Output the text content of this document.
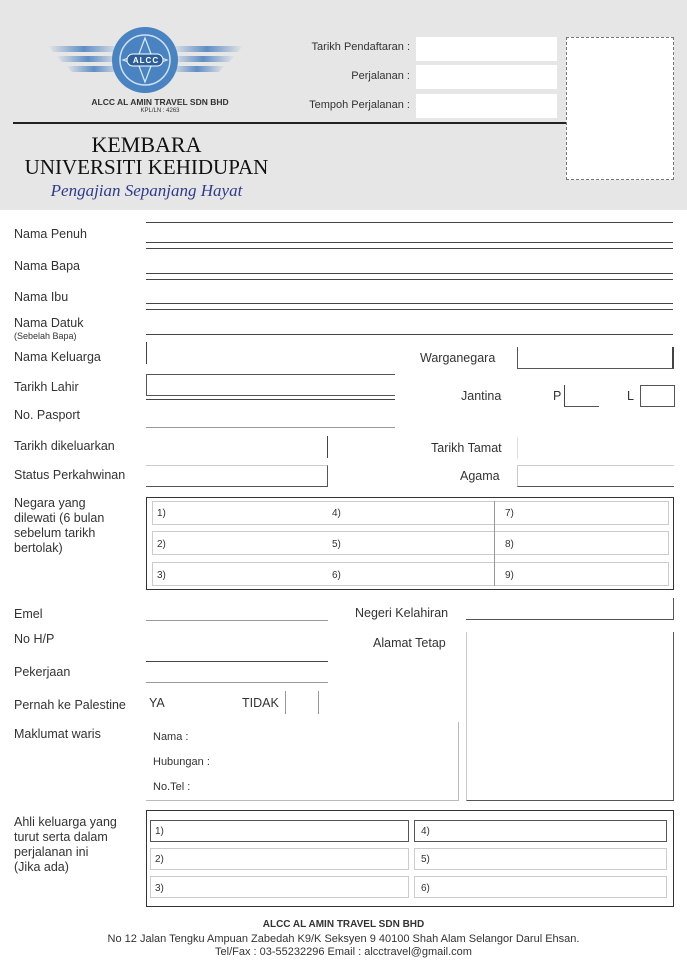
ALCC
ALCC AL AMIN TRAVEL SDN BHD
KPL/LN : 4263
Tarikh Pendaftaran :
Perjalanan :
Tempoh Perjalanan :
KEMBARA
UNIVERSITI KEHIDUPAN
Pengajian Sepanjang Hayat
Nama Penuh
Nama Bapa
Nama Ibu
Nama Datuk
(Sebelah Bapa)
Nama Keluarga	Warganegara
Tarikh Lahir
Jantina	P	L
No. Pasport
Tarikh dikeluarkan	Tarikh Tamat
Status Perkahwinan	Agama
Negara yang
dilewati (6 bulan
sebelum tarikh
bertolak)
1)	4)	7)
2)	5)	8)
3)	6)	9)
Emel	Negeri Kelahiran
No H/P	Alamat Tetap
Pekerjaan
Pernah ke Palestine YA	TIDAK
Maklumat waris	Nama :
Hubungan :
No.Tel :
Ahli keluarga yang
turut serta dalam
perjalanan ini
(Jika ada)
1)	4)
2)	5)
3)	6)
ALCC AL AMIN TRAVEL SDN BHD
No 12 Jalan Tengku Ampuan Zabedah K9/K Seksyen 9 40100 Shah Alam Selangor Darul Ehsan.
Tel/Fax : 03-55232296 Email : alcctravel@gmail.com
